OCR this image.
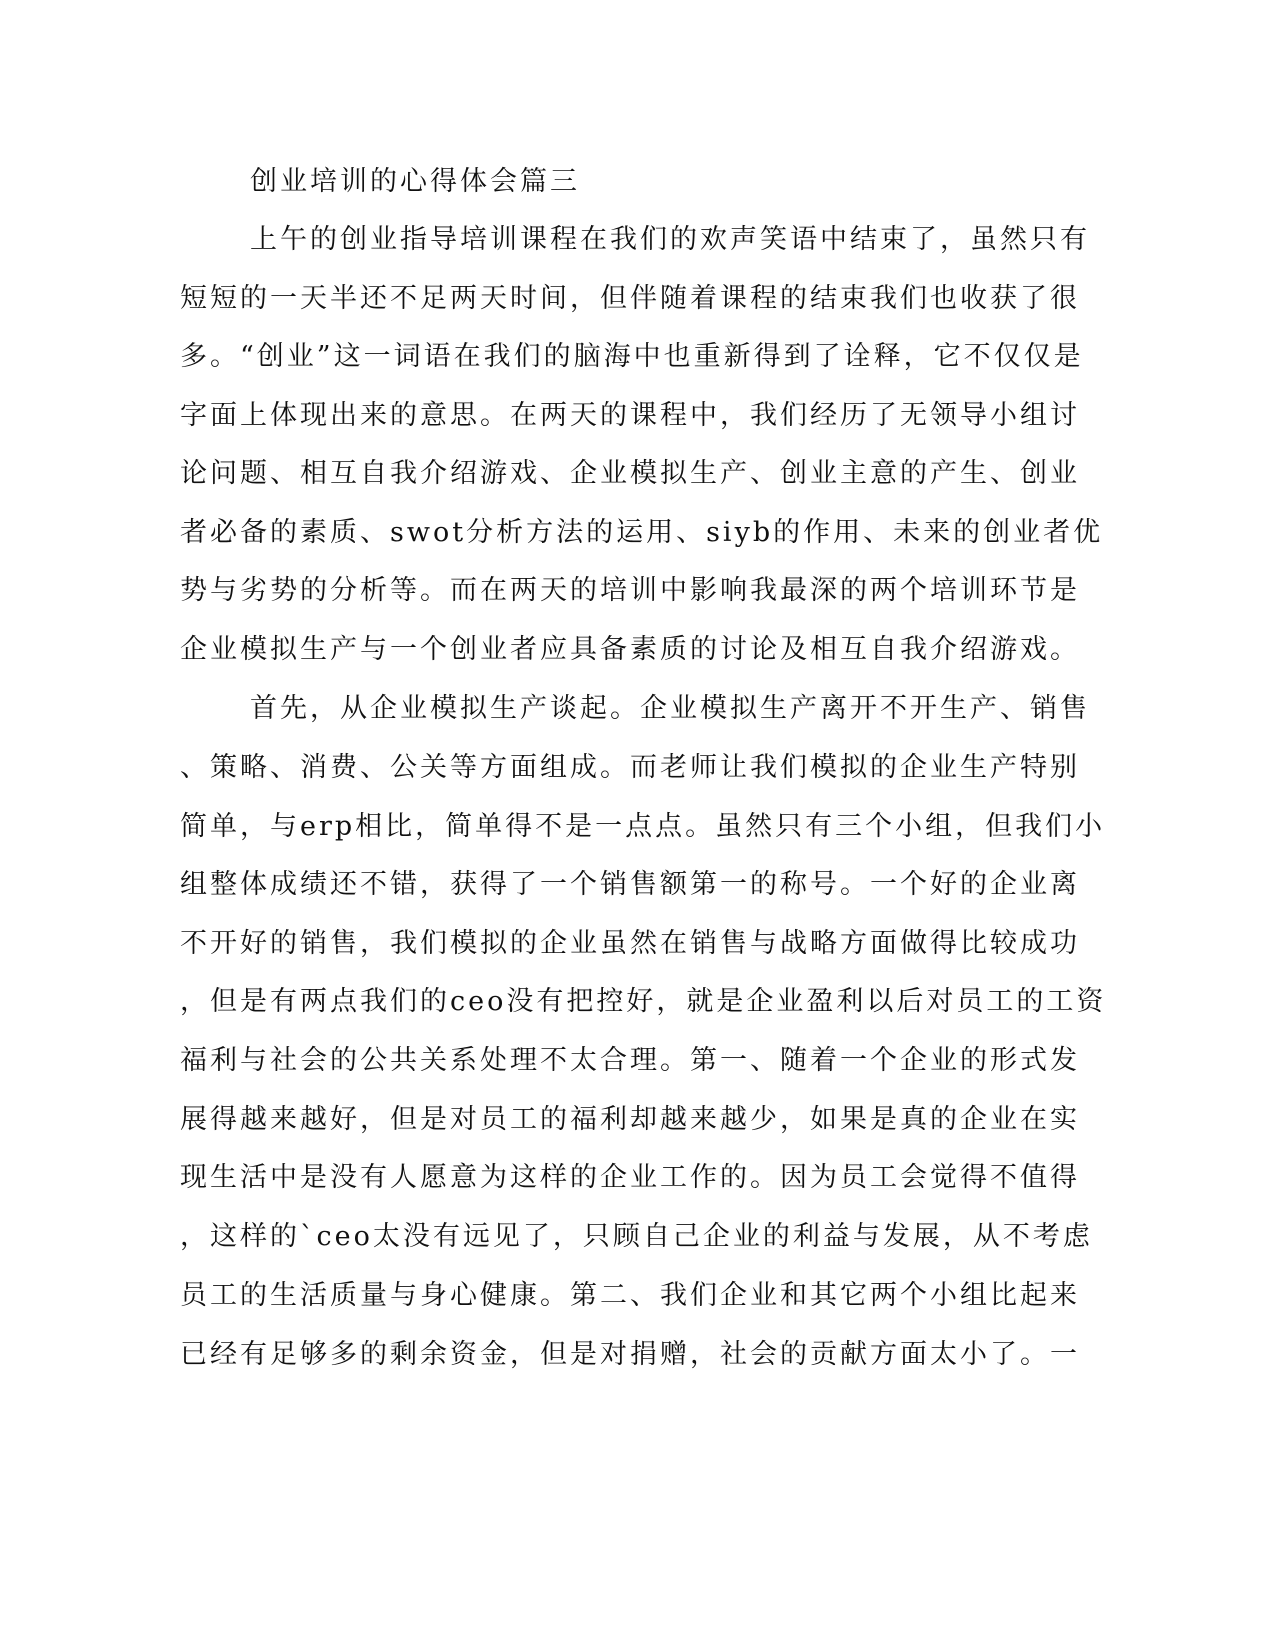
创业培训的心得体会篇三
上午的创业指导培训课程在我们的欢声笑语中结束了，虽然只有
短短的一天半还不足两天时间，但伴随着课程的结束我们也收获了很
多。“创业”这一词语在我们的脑海中也重新得到了诠释，它不仅仅是
字面上体现出来的意思。在两天的课程中，我们经历了无领导小组讨
论问题、相互自我介绍游戏、企业模拟生产、创业主意的产生、创业
者必备的素质、swot分析方法的运用、siyb的作用、未来的创业者优
势与劣势的分析等。而在两天的培训中影响我最深的两个培训环节是
企业模拟生产与一个创业者应具备素质的讨论及相互自我介绍游戏。
首先，从企业模拟生产谈起。企业模拟生产离开不开生产、销售
、策略、消费、公关等方面组成。而老师让我们模拟的企业生产特别
简单，与erp相比，简单得不是一点点。虽然只有三个小组，但我们小
组整体成绩还不错，获得了一个销售额第一的称号。一个好的企业离
不开好的销售，我们模拟的企业虽然在销售与战略方面做得比较成功
，但是有两点我们的ceo没有把控好，就是企业盈利以后对员工的工资
福利与社会的公共关系处理不太合理。第一、随着一个企业的形式发
展得越来越好，但是对员工的福利却越来越少，如果是真的企业在实
现生活中是没有人愿意为这样的企业工作的。因为员工会觉得不值得
，这样的`ceo太没有远见了，只顾自己企业的利益与发展，从不考虑
员工的生活质量与身心健康。第二、我们企业和其它两个小组比起来
已经有足够多的剩余资金，但是对捐赠，社会的贡献方面太小了。一
